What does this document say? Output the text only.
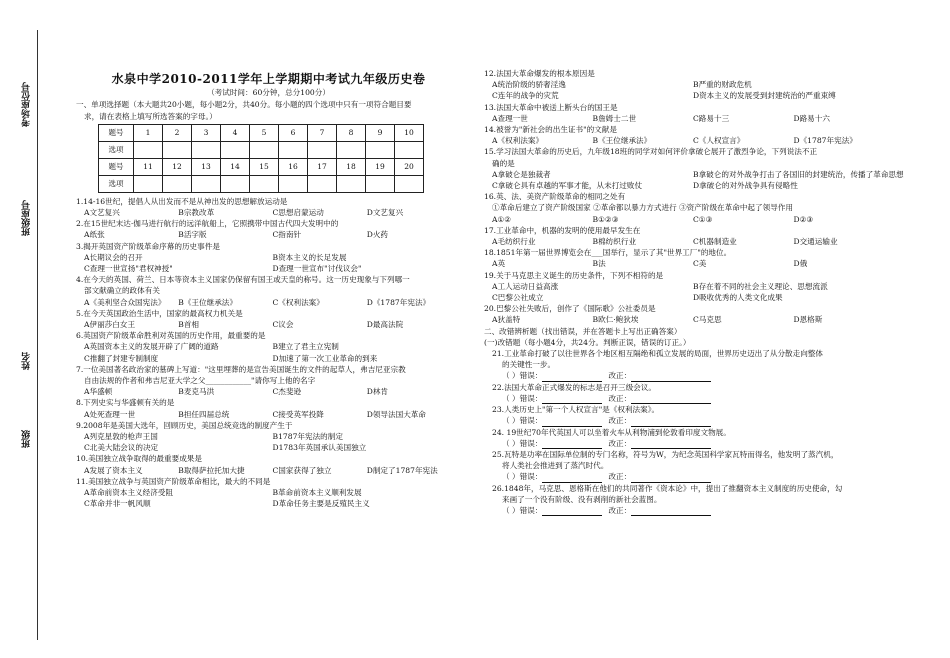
考场座位号
班级座号
姓名
班级
水泉中学2010-2011学年上学期期中考试九年级历史卷
（考试时间：60分钟，总分100分）

一、单项选择题（本大题共20小题，每小题2分，共40分。每小题的四个选项中只有一项符合题目要

求，请在表格上填写所选答案的字母。）

题号	1	2	3	4	5	6	7	8	9	10
选项										
题号	11	12	13	14	15	16	17	18	19	20
选项										

1.14-16世纪，提倡人从出发而不是从神出发的思想解放运动是

A文艺复兴	B宗教改革	C思想启蒙运动	D文艺复兴

2.在15世纪末达·伽马进行航行的远洋航船上，它照携带中国古代四大发明中的

A纸张	B活字版	C指南针	D火药

3.揭开英国资产阶级革命序幕的历史事件是

A长期议会的召开	B资本主义的长足发展
C查理一世宣扬"君权神授"	D查理一世宣布"讨伐议会"

4.在今天的英国、荷兰、日本等资本主义国家仍保留有国王或天皇的称号。这一历史现象与下列哪一

部文献确立的政体有关

A《美利坚合众国宪法》	B《王位继承法》	C《权利法案》	D《1787年宪法》

5.在今天英国政治生活中，国家的最高权力机关是

A伊丽莎白女王	B首相	C议会	D最高法院

6.英国资产阶级革命胜利对英国的历史作用，最重要的是

A英国资本主义的发展开辟了广阔的道路	B建立了君主立宪制
C推翻了封建专制制度	D加速了第一次工业革命的到来

7.一位美国著名政治家的墓碑上写道："这里埋葬的是宣告美国诞生的文件的起草人，弗吉尼亚宗教

自由法规的作者和弗吉尼亚大学之父____________"请你写上他的名字

A华盛顿	B麦克马洪	C杰斐逊	D林肯

8.下列史实与华盛顿有关的是

A处死查理一世	B担任四届总统	C接受英军投降	D领导法国大革命

9.2008年是美国大选年，回顾历史，美国总统竞选的制度产生于

A列克星敦的枪声王国	B1787年宪法的制定
C北美大陆会议的决定	D1783年英国承认美国独立

10.美国独立战争取得的最重要成果是

A发展了资本主义	B取得萨拉托加大捷	C国家获得了独立	D制定了1787年宪法

11.美国独立战争与英国资产阶级革命相比，最大的不同是

A革命前资本主义经济受阻	B革命前资本主义顺利发展
C革命并非一帆风顺	D革命任务主要是反殖民主义

12.法国大革命爆发的根本原因是

A统治阶级的骄奢淫逸	B严重的财政危机
C连年的战争的灾荒	D资本主义的发展受到封建统治的严重束缚

13.法国大革命中被送上断头台的国王是

A查理一世	B詹姆士二世	C路易十三	D路易十六

14.被誉为"新社会的出生证书"的文献是

A《权利法案》	B《王位继承法》	C《人权宣言》	D《1787年宪法》

15.学习法国大革命的历史后，九年级18班的同学对如何评价拿破仑展开了激烈争论，下列说法不正

确的是

A拿破仑是独裁者	B拿破仑的对外战争打击了各国旧的封建统治，传播了革命思想
C拿破仑具有卓越的军事才能，从未打过败仗	D拿破仑的对外战争具有侵略性

16.英、法、美资产阶级革命的相同之处有

①革命后建立了资产阶级国家 ②革命都以暴力方式进行 ③资产阶级在革命中起了领导作用

A①②	B①②③	C①③	D②③

17.工业革命中，机器的发明的使用最早发生在

A毛纺织行业	B棉纺织行业	C机器制造业	D交通运输业

18.1851年第一届世界博览会在___国举行，显示了其"世界工厂"的地位。

A英	B法	C美	D俄

19.关于马克思主义诞生的历史条件，下列不相符的是

A工人运动日益高涨	B存在着不同的社会主义理论、思想流派
C巴黎公社成立	D吸收优秀的人类文化成果

20.巴黎公社失败后，创作了《国际歌》公社委员是

A狄盖特	B欧仁·鲍狄埃	C马克思	D恩格斯

二、改错辨析题（找出错误，并在答题卡上写出正确答案）

(一)改错题（每小题4分，共24分。判断正误，错误的订正。）

21.工业革命打破了以往世界各个地区相互隔绝和孤立发展的局面，世界历史迈出了从分散走向整体

的关键性一步。

（ ）错误：	改正：

22.法国大革命正式爆发的标志是召开三级会议。

（ ）错误：	改正：

23.人类历史上"第一个人权宣言"是《权利法案》。

（ ）错误：	改正：

24. 19世纪70年代英国人可以坐着火车从利物浦到伦敦看印度文物展。

（ ）错误：	改正：

25.瓦特是功率在国际单位制的专门名称，符号为W，为纪念英国科学家瓦特而得名，他发明了蒸汽机，

将人类社会推进到了蒸汽时代。

（ ）错误：	改正：

26.1848年，马克思、恩格斯在他们的共同著作《资本论》中，提出了推翻资本主义制度的历史使命，勾

来画了一个没有阶级、没有剥削的新社会蓝图。

（ ）错误：	改正：
